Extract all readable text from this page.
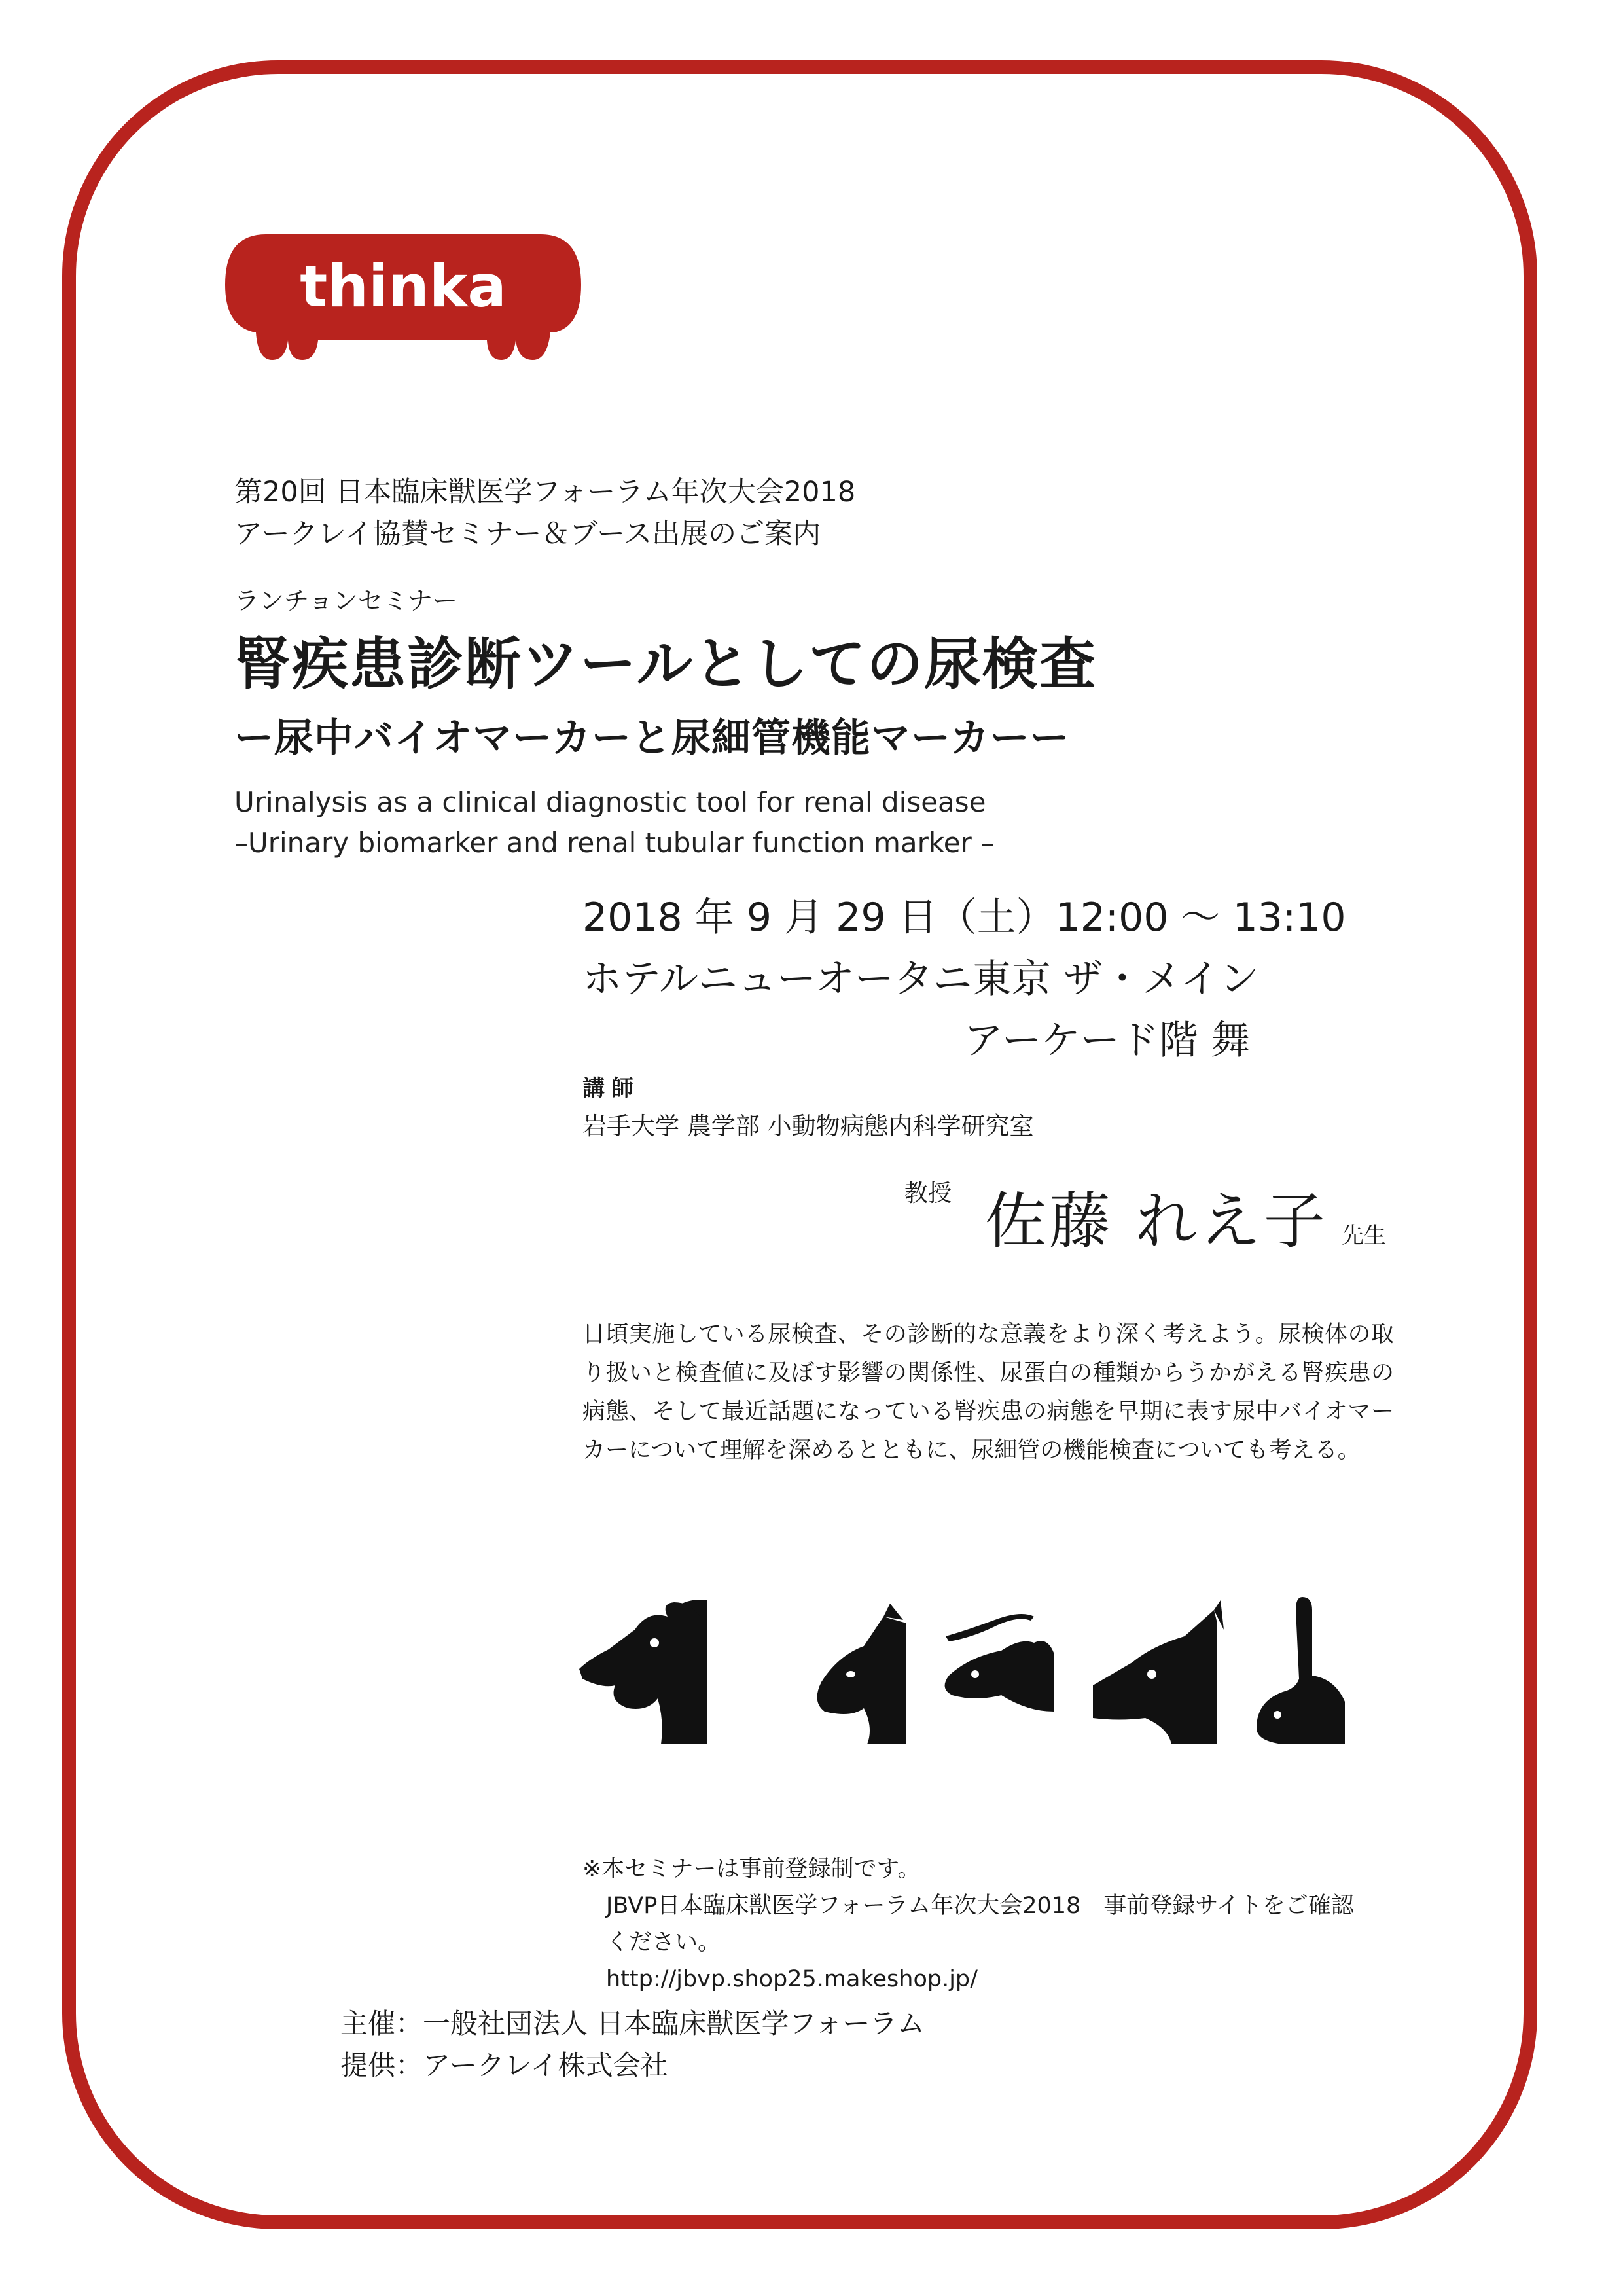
thinka
第20回 日本臨床獣医学フォーラム年次大会2018
アークレイ協賛セミナー＆ブース出展のご案内
ランチョンセミナー
腎疾患診断ツールとしての尿検査
ー尿中バイオマーカーと尿細管機能マーカーー
Urinalysis as a clinical diagnostic tool for renal disease
–Urinary biomarker and renal tubular function marker –
2018 年 9 月 29 日（土）12:00 ～ 13:10
ホテルニューオータニ東京 ザ・メイン
アーケード階 舞
講師
岩手大学 農学部 小動物病態内科学研究室
教授 佐藤 れえ子 先生
日頃実施している尿検査、その診断的な意義をより深く考えよう。尿検体の取り扱いと検査値に及ぼす影響の関係性、尿蛋白の種類からうかがえる腎疾患の病態、そして最近話題になっている腎疾患の病態を早期に表す尿中バイオマーカーについて理解を深めるとともに、尿細管の機能検査についても考える。
※本セミナーは事前登録制です。
JBVP日本臨床獣医学フォーラム年次大会2018　事前登録サイトをご確認
ください。
http://jbvp.shop25.makeshop.jp/
主催：一般社団法人 日本臨床獣医学フォーラム
提供：アークレイ株式会社
